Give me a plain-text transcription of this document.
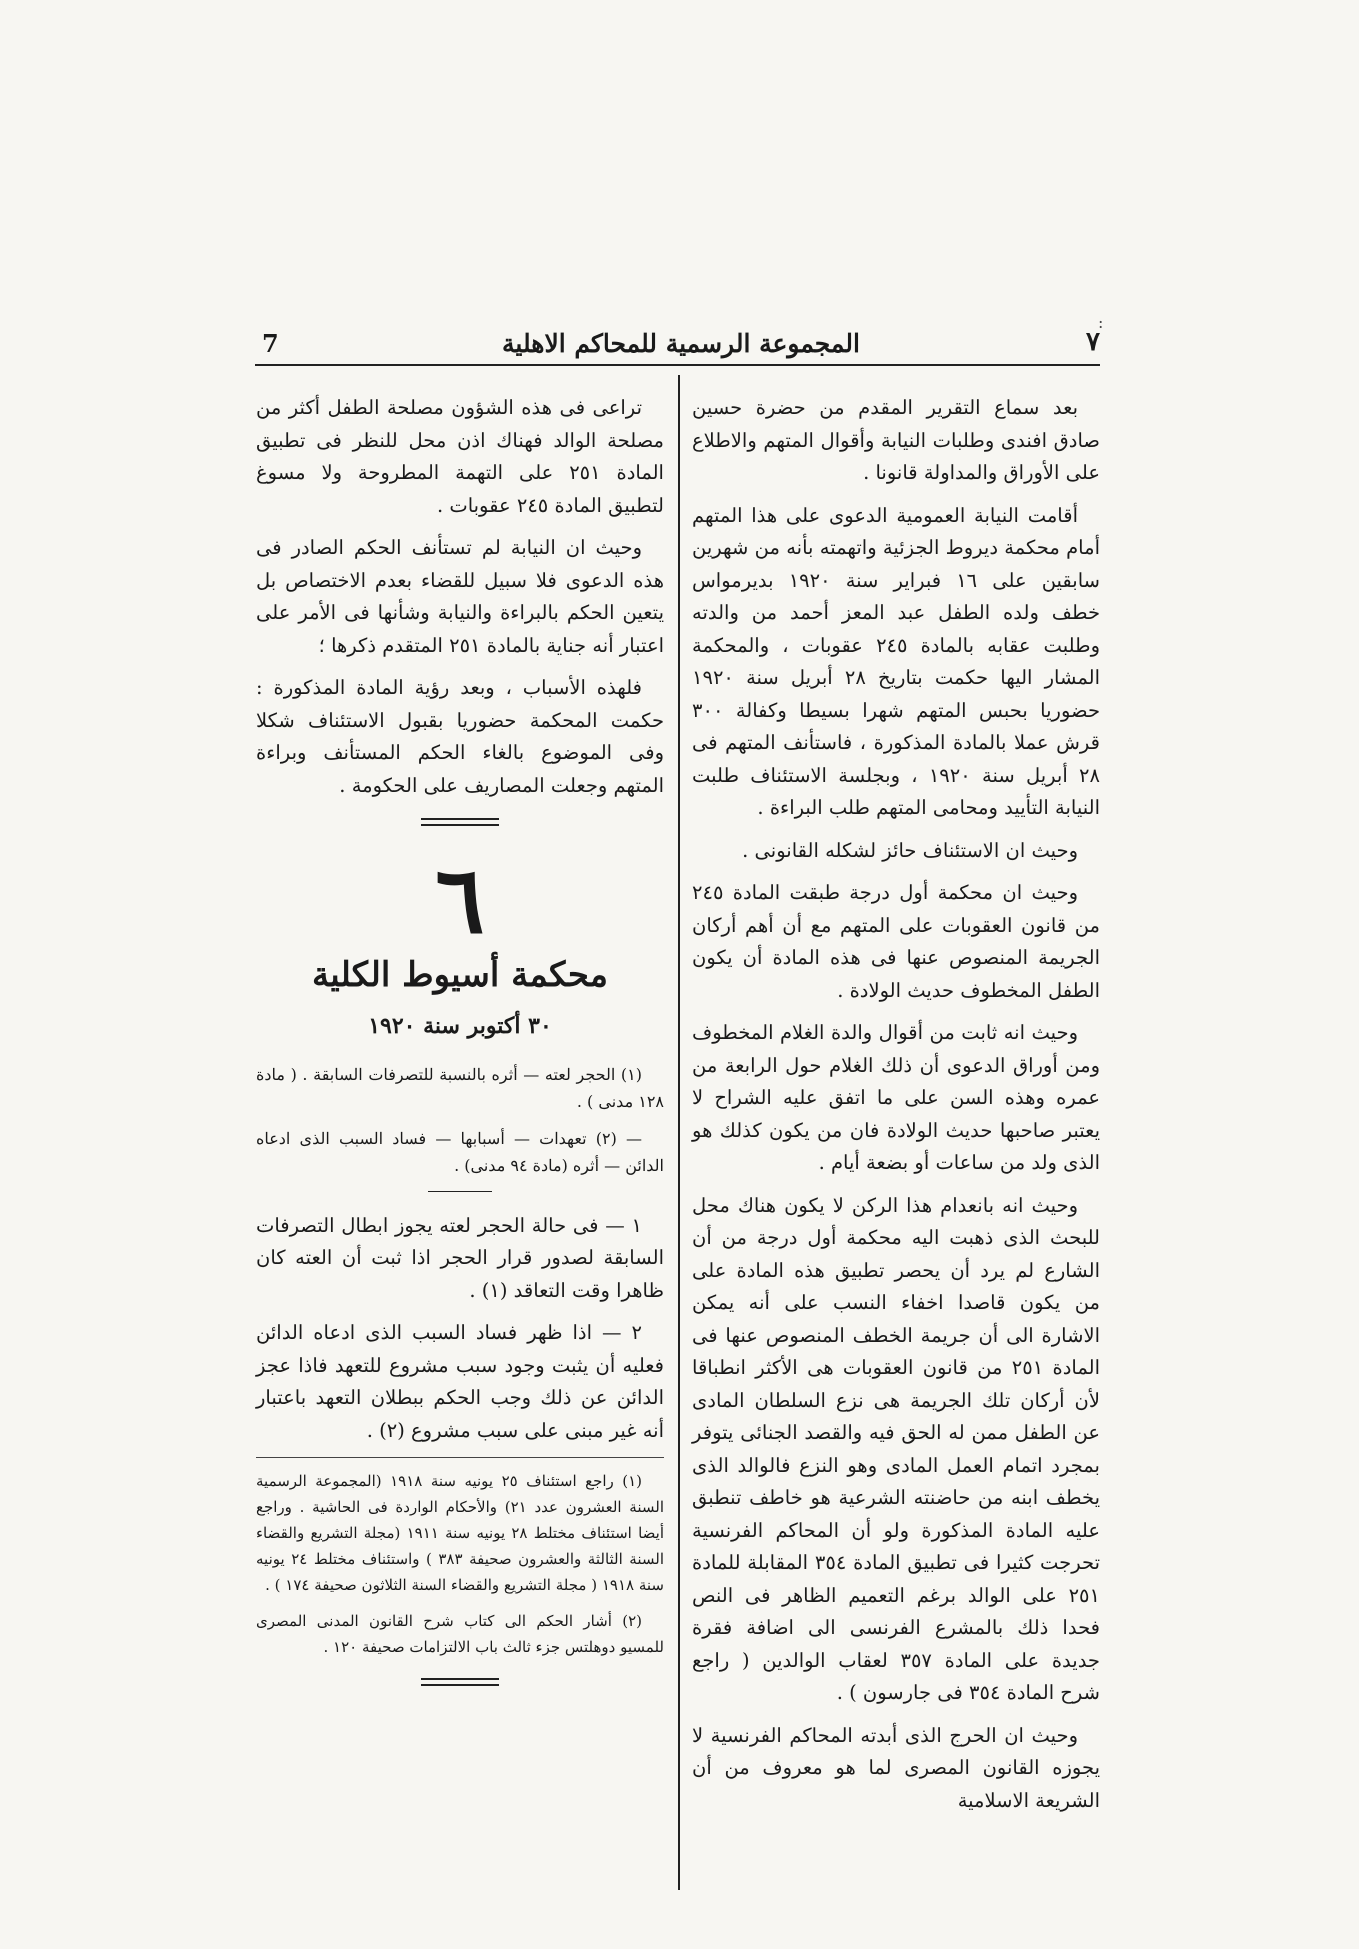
:
٧
المجموعة الرسمية للمحاكم الاهلية
7

بعد سماع التقرير المقدم من حضرة حسين صادق افندى وطلبات النيابة وأقوال المتهم والاطلاع على الأوراق والمداولة قانونا .

أقامت النيابة العمومية الدعوى على هذا المتهم أمام محكمة ديروط الجزئية واتهمته بأنه من شهرين سابقين على ١٦ فبراير سنة ١٩٢٠ بديرمواس خطف ولده الطفل عبد المعز أحمد من والدته وطلبت عقابه بالمادة ٢٤٥ عقوبات ، والمحكمة المشار اليها حكمت بتاريخ ٢٨ أبريل سنة ١٩٢٠ حضوريا بحبس المتهم شهرا بسيطا وكفالة ٣٠٠ قرش عملا بالمادة المذكورة ، فاستأنف المتهم فى ٢٨ أبريل سنة ١٩٢٠ ، وبجلسة الاستئناف طلبت النيابة التأييد ومحامى المتهم طلب البراءة .

وحيث ان الاستئناف حائز لشكله القانونى .

وحيث ان محكمة أول درجة طبقت المادة ٢٤٥ من قانون العقوبات على المتهم مع أن أهم أركان الجريمة المنصوص عنها فى هذه المادة أن يكون الطفل المخطوف حديث الولادة .

وحيث انه ثابت من أقوال والدة الغلام المخطوف ومن أوراق الدعوى أن ذلك الغلام حول الرابعة من عمره وهذه السن على ما اتفق عليه الشراح لا يعتبر صاحبها حديث الولادة فان من يكون كذلك هو الذى ولد من ساعات أو بضعة أيام .

وحيث انه بانعدام هذا الركن لا يكون هناك محل للبحث الذى ذهبت اليه محكمة أول درجة من أن الشارع لم يرد أن يحصر تطبيق هذه المادة على من يكون قاصدا اخفاء النسب على أنه يمكن الاشارة الى أن جريمة الخطف المنصوص عنها فى المادة ٢٥١ من قانون العقوبات هى الأكثر انطباقا لأن أركان تلك الجريمة هى نزع السلطان المادى عن الطفل ممن له الحق فيه والقصد الجنائى يتوفر بمجرد اتمام العمل المادى وهو النزع فالوالد الذى يخطف ابنه من حاضنته الشرعية هو خاطف تنطبق عليه المادة المذكورة ولو أن المحاكم الفرنسية تحرجت كثيرا فى تطبيق المادة ٣٥٤ المقابلة للمادة ٢٥١ على الوالد برغم التعميم الظاهر فى النص فحدا ذلك بالمشرع الفرنسى الى اضافة فقرة جديدة على المادة ٣٥٧ لعقاب الوالدين ( راجع شرح المادة ٣٥٤ فى جارسون ) .

وحيث ان الحرج الذى أبدته المحاكم الفرنسية لا يجوزه القانون المصرى لما هو معروف من أن الشريعة الاسلامية

تراعى فى هذه الشؤون مصلحة الطفل أكثر من مصلحة الوالد فهناك اذن محل للنظر فى تطبيق المادة ٢٥١ على التهمة المطروحة ولا مسوغ لتطبيق المادة ٢٤٥ عقوبات .

وحيث ان النيابة لم تستأنف الحكم الصادر فى هذه الدعوى فلا سبيل للقضاء بعدم الاختصاص بل يتعين الحكم بالبراءة والنيابة وشأنها فى الأمر على اعتبار أنه جناية بالمادة ٢٥١ المتقدم ذكرها ؛

فلهذه الأسباب ، وبعد رؤية المادة المذكورة : حكمت المحكمة حضوريا بقبول الاستئناف شكلا وفى الموضوع بالغاء الحكم المستأنف وبراءة المتهم وجعلت المصاريف على الحكومة .

٦
محكمة أسيوط الكلية
٣٠ أكتوبر سنة ١٩٢٠

(١) الحجر لعته — أثره بالنسبة للتصرفات السابقة . ( مادة ١٢٨ مدنى ) .

— (٢) تعهدات — أسبابها — فساد السبب الذى ادعاه الدائن — أثره (مادة ٩٤ مدنى) .

١ — فى حالة الحجر لعته يجوز ابطال التصرفات السابقة لصدور قرار الحجر اذا ثبت أن العته كان ظاهرا وقت التعاقد (١) .

٢ — اذا ظهر فساد السبب الذى ادعاه الدائن فعليه أن يثبت وجود سبب مشروع للتعهد فاذا عجز الدائن عن ذلك وجب الحكم ببطلان التعهد باعتبار أنه غير مبنى على سبب مشروع (٢) .

(١) راجع استئناف ٢٥ يونيه سنة ١٩١٨ (المجموعة الرسمية السنة العشرون عدد ٢١) والأحكام الواردة فى الحاشية . وراجع أيضا استئناف مختلط ٢٨ يونيه سنة ١٩١١ (مجلة التشريع والقضاء السنة الثالثة والعشرون صحيفة ٣٨٣ ) واستئناف مختلط ٢٤ يونيه سنة ١٩١٨ ( مجلة التشريع والقضاء السنة الثلاثون صحيفة ١٧٤ ) .

(٢) أشار الحكم الى كتاب شرح القانون المدنى المصرى للمسيو دوهلتس جزء ثالث باب الالتزامات صحيفة ١٢٠ .
